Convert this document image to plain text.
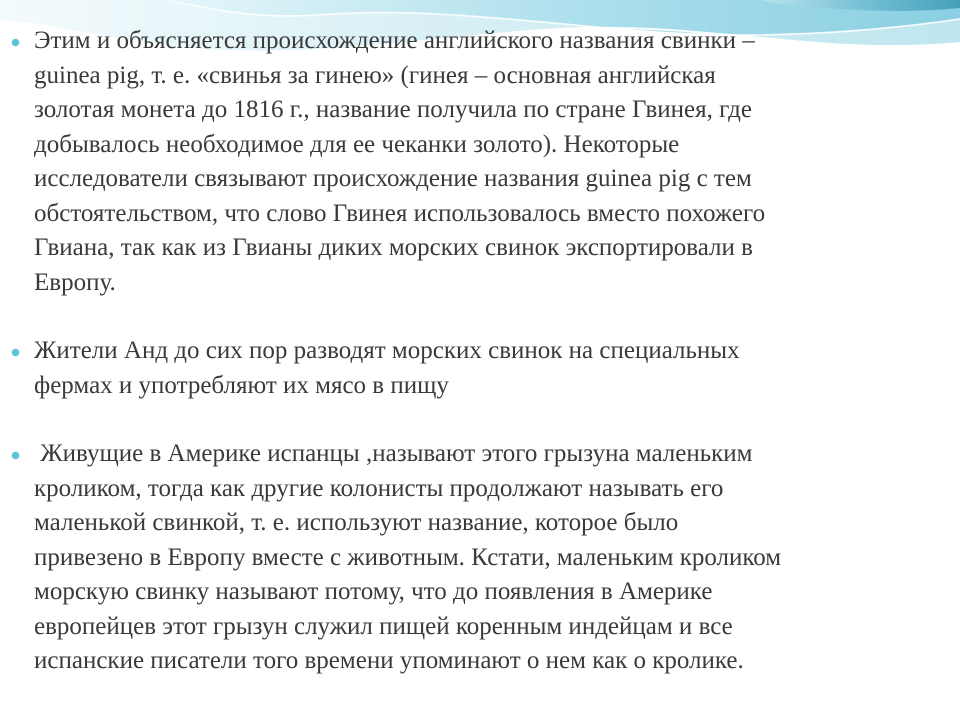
Этим и объясняется происхождение английского названия свинки –
guinea pig, т. е. «свинья за гинею» (гинея – основная английская
золотая монета до 1816 г., название получила по стране Гвинея, где
добывалось необходимое для ее чеканки золото). Некоторые
исследователи связывают происхождение названия guinea pig с тем
обстоятельством, что слово Гвинея использовалось вместо похожего
Гвиана, так как из Гвианы диких морских свинок экспортировали в
Европу.
Жители Анд до сих пор разводят морских свинок на специальных
фермах и употребляют их мясо в пищу
Живущие в Америке испанцы ,называют этого грызуна маленьким
кроликом, тогда как другие колонисты продолжают называть его
маленькой свинкой, т. е. используют название, которое было
привезено в Европу вместе с животным. Кстати, маленьким кроликом
морскую свинку называют потому, что до появления в Америке
европейцев этот грызун служил пищей коренным индейцам и все
испанские писатели того времени упоминают о нем как о кролике.
